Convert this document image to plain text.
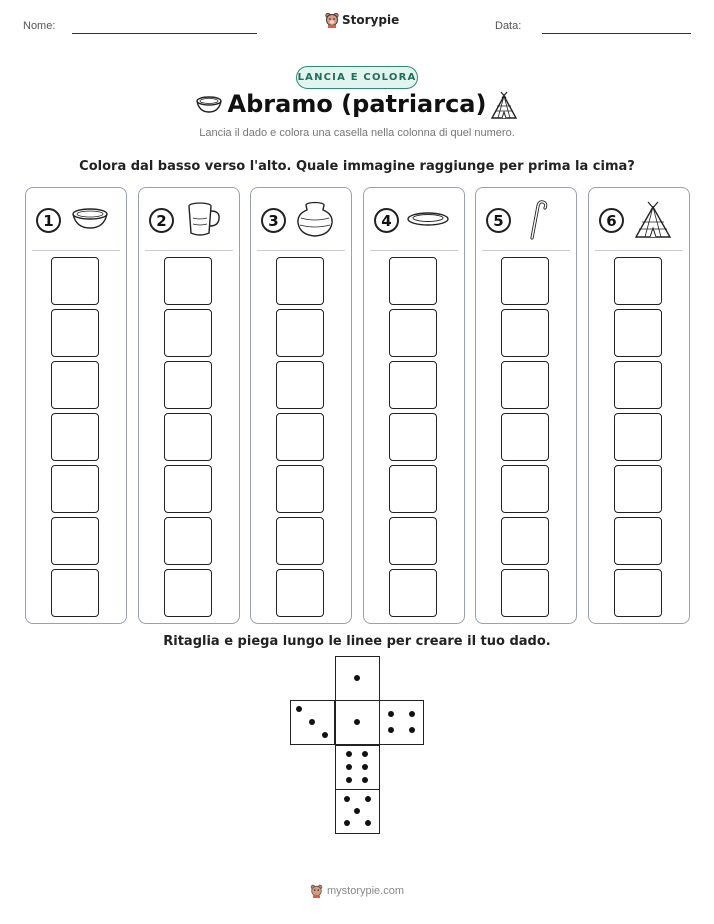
Nome:	Data:
Storypie
LANCIA E COLORA
Abramo (patriarca)
Lancia il dado e colora una casella nella colonna di quel numero.
Colora dal basso verso l'alto. Quale immagine raggiunge per prima la cima?
1	2	3	4	5	6
Ritaglia e piega lungo le linee per creare il tuo dado.
mystorypie.com
